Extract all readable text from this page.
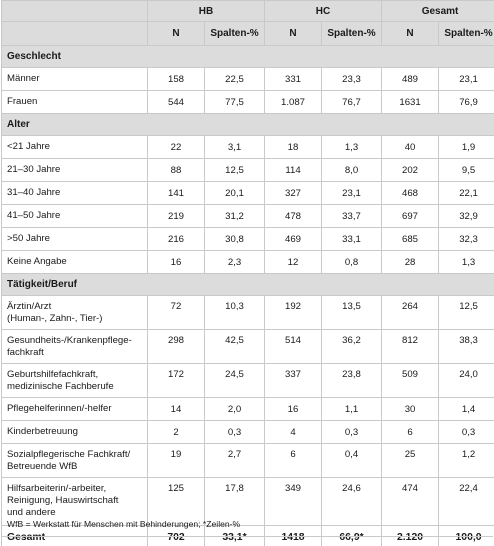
	HB		HC		Gesamt	
	N	Spalten-%	N	Spalten-%	N	Spalten-%
Geschlecht						
Männer	158	22,5	331	23,3	489	23,1
Frauen	544	77,5	1.087	76,7	1631	76,9
Alter						
<21 Jahre	22	3,1	18	1,3	40	1,9
21–30 Jahre	88	12,5	114	8,0	202	9,5
31–40 Jahre	141	20,1	327	23,1	468	22,1
41–50 Jahre	219	31,2	478	33,7	697	32,9
>50 Jahre	216	30,8	469	33,1	685	32,3
Keine Angabe	16	2,3	12	0,8	28	1,3
Tätigkeit/Beruf						
Ärztin/Arzt
(Human-, Zahn-, Tier-)	72	10,3	192	13,5	264	12,5
Gesundheits-/Krankenpflege-
fachkraft	298	42,5	514	36,2	812	38,3
Geburtshilfefachkraft,
medizinische Fachberufe	172	24,5	337	23,8	509	24,0
Pflegehelferinnen/-helfer	14	2,0	16	1,1	30	1,4
Kinderbetreuung	2	0,3	4	0,3	6	0,3
Sozialpflegerische Fachkraft/
Betreuende WfB	19	2,7	6	0,4	25	1,2
Hilfsarbeiterin/-arbeiter,
Reinigung, Hauswirtschaft
und andere	125	17,8	349	24,6	474	22,4
Gesamt	702	33,1*	1418	66,9*	2.120	100,0
WfB = Werkstatt für Menschen mit Behinderungen; *Zeilen-%
